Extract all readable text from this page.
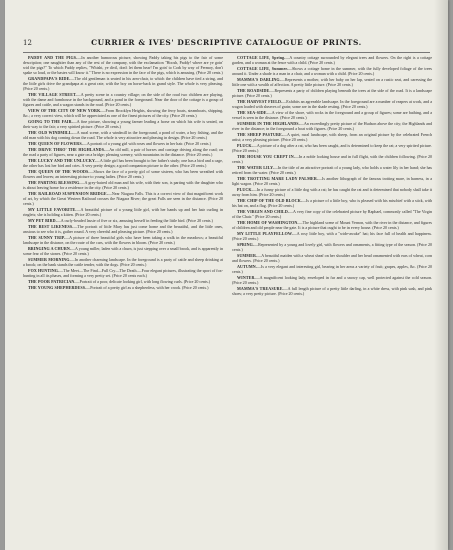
12	CURRIER & IVES' DESCRIPTIVE CATALOGUE OF PRINTS.

PADDY AND THE PIGS.—In another humorous picture, showing Paddy taking his pigs to the fair of some description; one naughtier than any of the rest of the company, with the exclamation "Hoosh, Paddy! where are ye goin' wid the pigs?" To which Paddy replies, "Whisht, ye divil, don't let them hear! I'm goin' to Cork by way of Fermoy, don't spake so loud, or the bastes will know it." There is no expression in the face of the pigs, which is amusing. (Price 20 cents.)

GRANDPAPA'S RIDE.—The old gentleman is seated in his arm-chair, to which the children have tied a string, and the little girls drive the grandpapa at a great rate, with the boy on horse-back in grand style. The whole is very pleasing. (Price 20 cents.)

THE VILLAGE STREET.—A pretty scene in a country village; on the side of the road two children are playing, with the dame and farmhouse in the background, and a pond in the foreground. Near the door of the cottage is a group of figures and cattle, and a wagon stands in the road. (Price 20 cents.)

VIEW OF THE CITY OF NEW YORK.—From Brooklyn Heights, showing the ferry boats, steamboats, shipping, &c.; a very correct view, which will be appreciated as one of the finest pictures of the city. (Price 20 cents.)

GOING TO THE FAIR.—A fine picture, showing a young farmer leading a horse on which his wife is seated, on their way to the fair; a very spirited picture. (Price 20 cents.)

THE OLD WINDMILL.—A rural scene, with a windmill in the foreground, a pond of water, a boy fishing, and the old man with his dog coming down the road. The whole is very attractive and pleasing in design. (Price 20 cents.)

THE QUEEN OF FLOWERS.—A portrait of a young girl with roses and flowers in her hair. (Price 20 cents.)

THE DRIVE THRO' THE HIGHLANDS.—An old mill, a pair of horses and carriage driving along the road; on the road a party of figures, near a gate on a bridge; pleasing scenery, with mountains in the distance. (Price 20 cents.)

THE LUCKY AND THE UNLUCKY.—A little girl has been brought to her father's study; one has a bird and a cage, the other has lost her bird and cries. A very pretty design; a good companion picture to the other. (Price 20 cents.)

THE QUEEN OF THE WOODS.—Shows the face of a pretty girl of some sixteen, who has been wreathed with flowers and leaves; an interesting picture to young ladies. (Price 20 cents.)

THE PARTING BLESSING.—A grey-haired old man and his wife, with their son, is parting with the daughter who is about leaving home for a residence in the city. (Price 20 cents.)

THE RAILROAD SUSPENSION BRIDGE.—Near Niagara Falls. This is a correct view of that magnificent work of art, by which the Great Western Railroad crosses the Niagara River; the great Falls are seen in the distance. (Price 20 cents.)

MY LITTLE FAVORITE.—A beautiful picture of a young little girl, with her hands up and her hair curling in ringlets; she is holding a kitten. (Price 20 cents.)

MY PET BIRD.—A curly-headed lassie of five or six, amusing herself in feeding the little bird. (Price 20 cents.)

THE BEST LIKENESS.—The portrait of little Mary has just come home and the beautiful, and the little ones, anxious to see who it is, gather round. A very cheerful and pleasing picture. (Price 20 cents.)

THE SUNNY TRIP.—A picture of three beautiful girls who have been taking a walk in the meadows; a beautiful landscape in the distance, on the route of the cars, with the flowers in bloom. (Price 20 cents.)

BRINGING A CHURN.—A young miller, laden with a churn, is just stepping over a small brook, and is apparently in some fear of the stones. (Price 20 cents.)

SUMMER MORNING.—In another charming landscape. In the foreground is a party of cattle and sheep drinking at a brook; on the bank stands the cattle tender, with the dogs. (Price 20 cents.)

FOX HUNTING.—The Meet—The Find—Full Cry—The Death.—Four elegant pictures, illustrating the sport of fox-hunting in all its phases, and forming a very pretty set. (Price 20 cents each.)

THE POOR PATRICIAN.—Portrait of a poor, delicate looking girl, with long flowing curls. (Price 20 cents.)

THE YOUNG SHEPHERDESS.—Portrait of a pretty girl as a shepherdess, with her crook. (Price 20 cents.)

COTTAGE LIFE, Spring.—A country cottage surrounded by elegant trees and flowers. On the right is a cottage garden, and a woman at the fence with a child. (Price 20 cents.)

COTTAGE LIFE, Summer.—Shows a cottage home in the summer, with the fully developed foliage of the trees around it. Under a shade is a man in a chair, and a woman with a child. (Price 20 cents.)

MAMMA'S DARLING.—Represents a mother, with her baby on her lap, seated on a rustic seat, and caressing the little one with a wealth of affection. A pretty little picture. (Price 20 cents.)

THE ROADSIDE.—Represents a party of children playing beneath the trees at the side of the road. It is a landscape picture. (Price 20 cents.)

THE HARVEST FIELD.—Exhibits an agreeable landscape. In the foreground are a number of reapers at work, and a wagon loaded with sheaves of grain; some are in the shade resting. (Price 20 cents.)

THE SEA-SIDE.—A view of the shore, with rocks in the foreground and a group of figures; some are bathing, and a vessel is seen in the distance. (Price 20 cents.)

SUMMER IN THE HIGHLANDS.—An exceedingly pretty picture of the Hudson above the city; the Highlands and river in the distance; in the foreground a boat with figures. (Price 20 cents.)

THE SHEEP PASTURE.—A quiet, rural landscape, with sheep, from an original picture by the celebrated French artist; a very pleasing picture. (Price 20 cents.)

PLUCK.—A picture of a dog after a rat, who has been caught, and is determined to keep the rat; a very spirited picture. (Price 20 cents.)

THE HOUSE YOU CREPT IN.—In a noble looking house and in full flight, with the children following. (Price 20 cents.)

THE WATER LILY.—In the title of an attractive portrait of a young lady, who holds a water lily in her hand; she has retired from the water. (Price 20 cents.)

THE TROTTING MARE LADY PALMER.—Is another lithograph of the famous trotting mare, in harness, in a light wagon. (Price 20 cents.)

PLUCK.—In a funny picture of a little dog with a rat; he has caught the rat and is determined that nobody shall take it away from him. (Price 20 cents.)

THE CHIP OF THE OLD BLOCK.—Is a picture of a little boy, who is pleased with his mischief with a stick, with his hat on, and a flag. (Price 20 cents.)

THE VIRGIN AND CHILD.—A very fine copy of the celebrated picture by Raphael, commonly called "The Virgin of the Chair." (Price 20 cents.)

THE HOME OF WASHINGTON.—The highland scene of Mount Vernon, with the river in the distance, and figures of children and old people near the gate. It is a picture that ought to be in every house. (Price 20 cents.)

MY LITTLE PLAYFELLOW.—A rosy little boy, with a "wide-awake" hat; his face full of health and happiness. (Price 20 cents.)

SPRING.—Represented by a young and lovely girl, with flowers and ornaments, a fitting type of the season. (Price 20 cents.)

SUMMER.—A beautiful maiden with a wheat sheaf on her shoulder and her head ornamented with ears of wheat, corn and flowers. (Price 20 cents.)

AUTUMN.—Is a very elegant and interesting girl, bearing in her arms a variety of fruit; grapes, apples, &c. (Price 20 cents.)

WINTER.—A magnificent looking lady, enveloped in fur and a snowy cap, well protected against the cold season. (Price 20 cents.)

MAMMA'S TREASURE.—A full length picture of a pretty little darling, in a white dress, with pink sash, and pink shoes; a very pretty picture. (Price 20 cents.)
